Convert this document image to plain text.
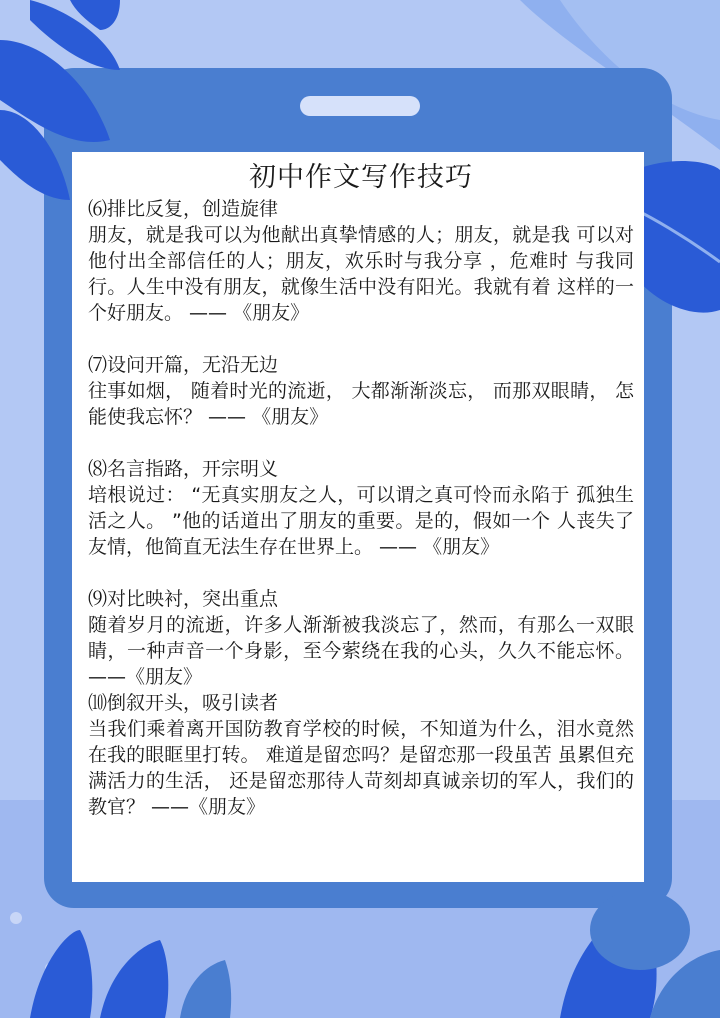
初中作文写作技巧

⑹排比反复，创造旋律

朋友，就是我可以为他献出真挚情感的人；朋友，就是我 可以对他付出全部信任的人；朋友，欢乐时与我分享 ，危难时 与我同行。人生中没有朋友，就像生活中没有阳光。我就有着 这样的一个好朋友。 —— 《朋友》

⑺设问开篇，无沿无边

往事如烟， 随着时光的流逝， 大都渐渐淡忘， 而那双眼睛， 怎能使我忘怀？ —— 《朋友》

⑻名言指路，开宗明义

培根说过： “无真实朋友之人，可以谓之真可怜而永陷于 孤独生活之人。 ”他的话道出了朋友的重要。是的，假如一个 人丧失了友情，他简直无法生存在世界上。 —— 《朋友》

⑼对比映衬，突出重点

随着岁月的流逝，许多人渐渐被我淡忘了，然而，有那么一双眼睛，一种声音一个身影，至今萦绕在我的心头，久久不能忘怀。 ——《朋友》

⑽倒叙开头，吸引读者

当我们乘着离开国防教育学校的时候，不知道为什么，泪水竟然在我的眼眶里打转。 难道是留恋吗？是留恋那一段虽苦 虽累但充满活力的生活， 还是留恋那待人苛刻却真诚亲切的军人，我们的教官？ ——《朋友》
